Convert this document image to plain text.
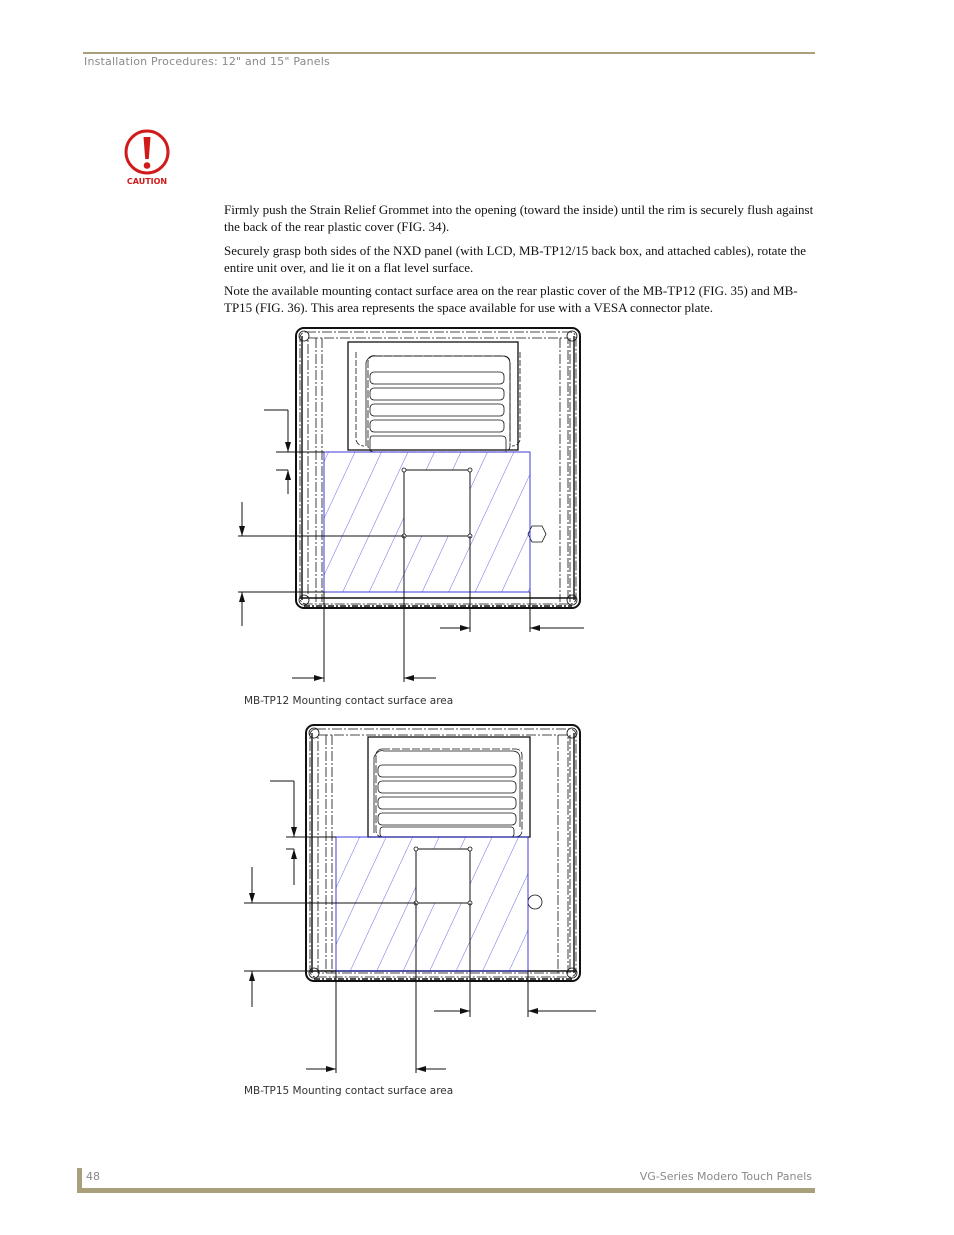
Installation Procedures: 12" and 15" Panels
CAUTION

Firmly push the Strain Relief Grommet into the opening (toward the inside) until the rim is securely flush against the back of the rear plastic cover (FIG. 34).

Securely grasp both sides of the NXD panel (with LCD, MB-TP12/15 back box, and attached cables), rotate the entire unit over, and lie it on a flat level surface.

Note the available mounting contact surface area on the rear plastic cover of the MB-TP12 (FIG. 35) and MB-TP15 (FIG. 36). This area represents the space available for use with a VESA connector plate.

MB-TP12 Mounting contact surface area
MB-TP15 Mounting contact surface area
48	VG-Series Modero Touch Panels
